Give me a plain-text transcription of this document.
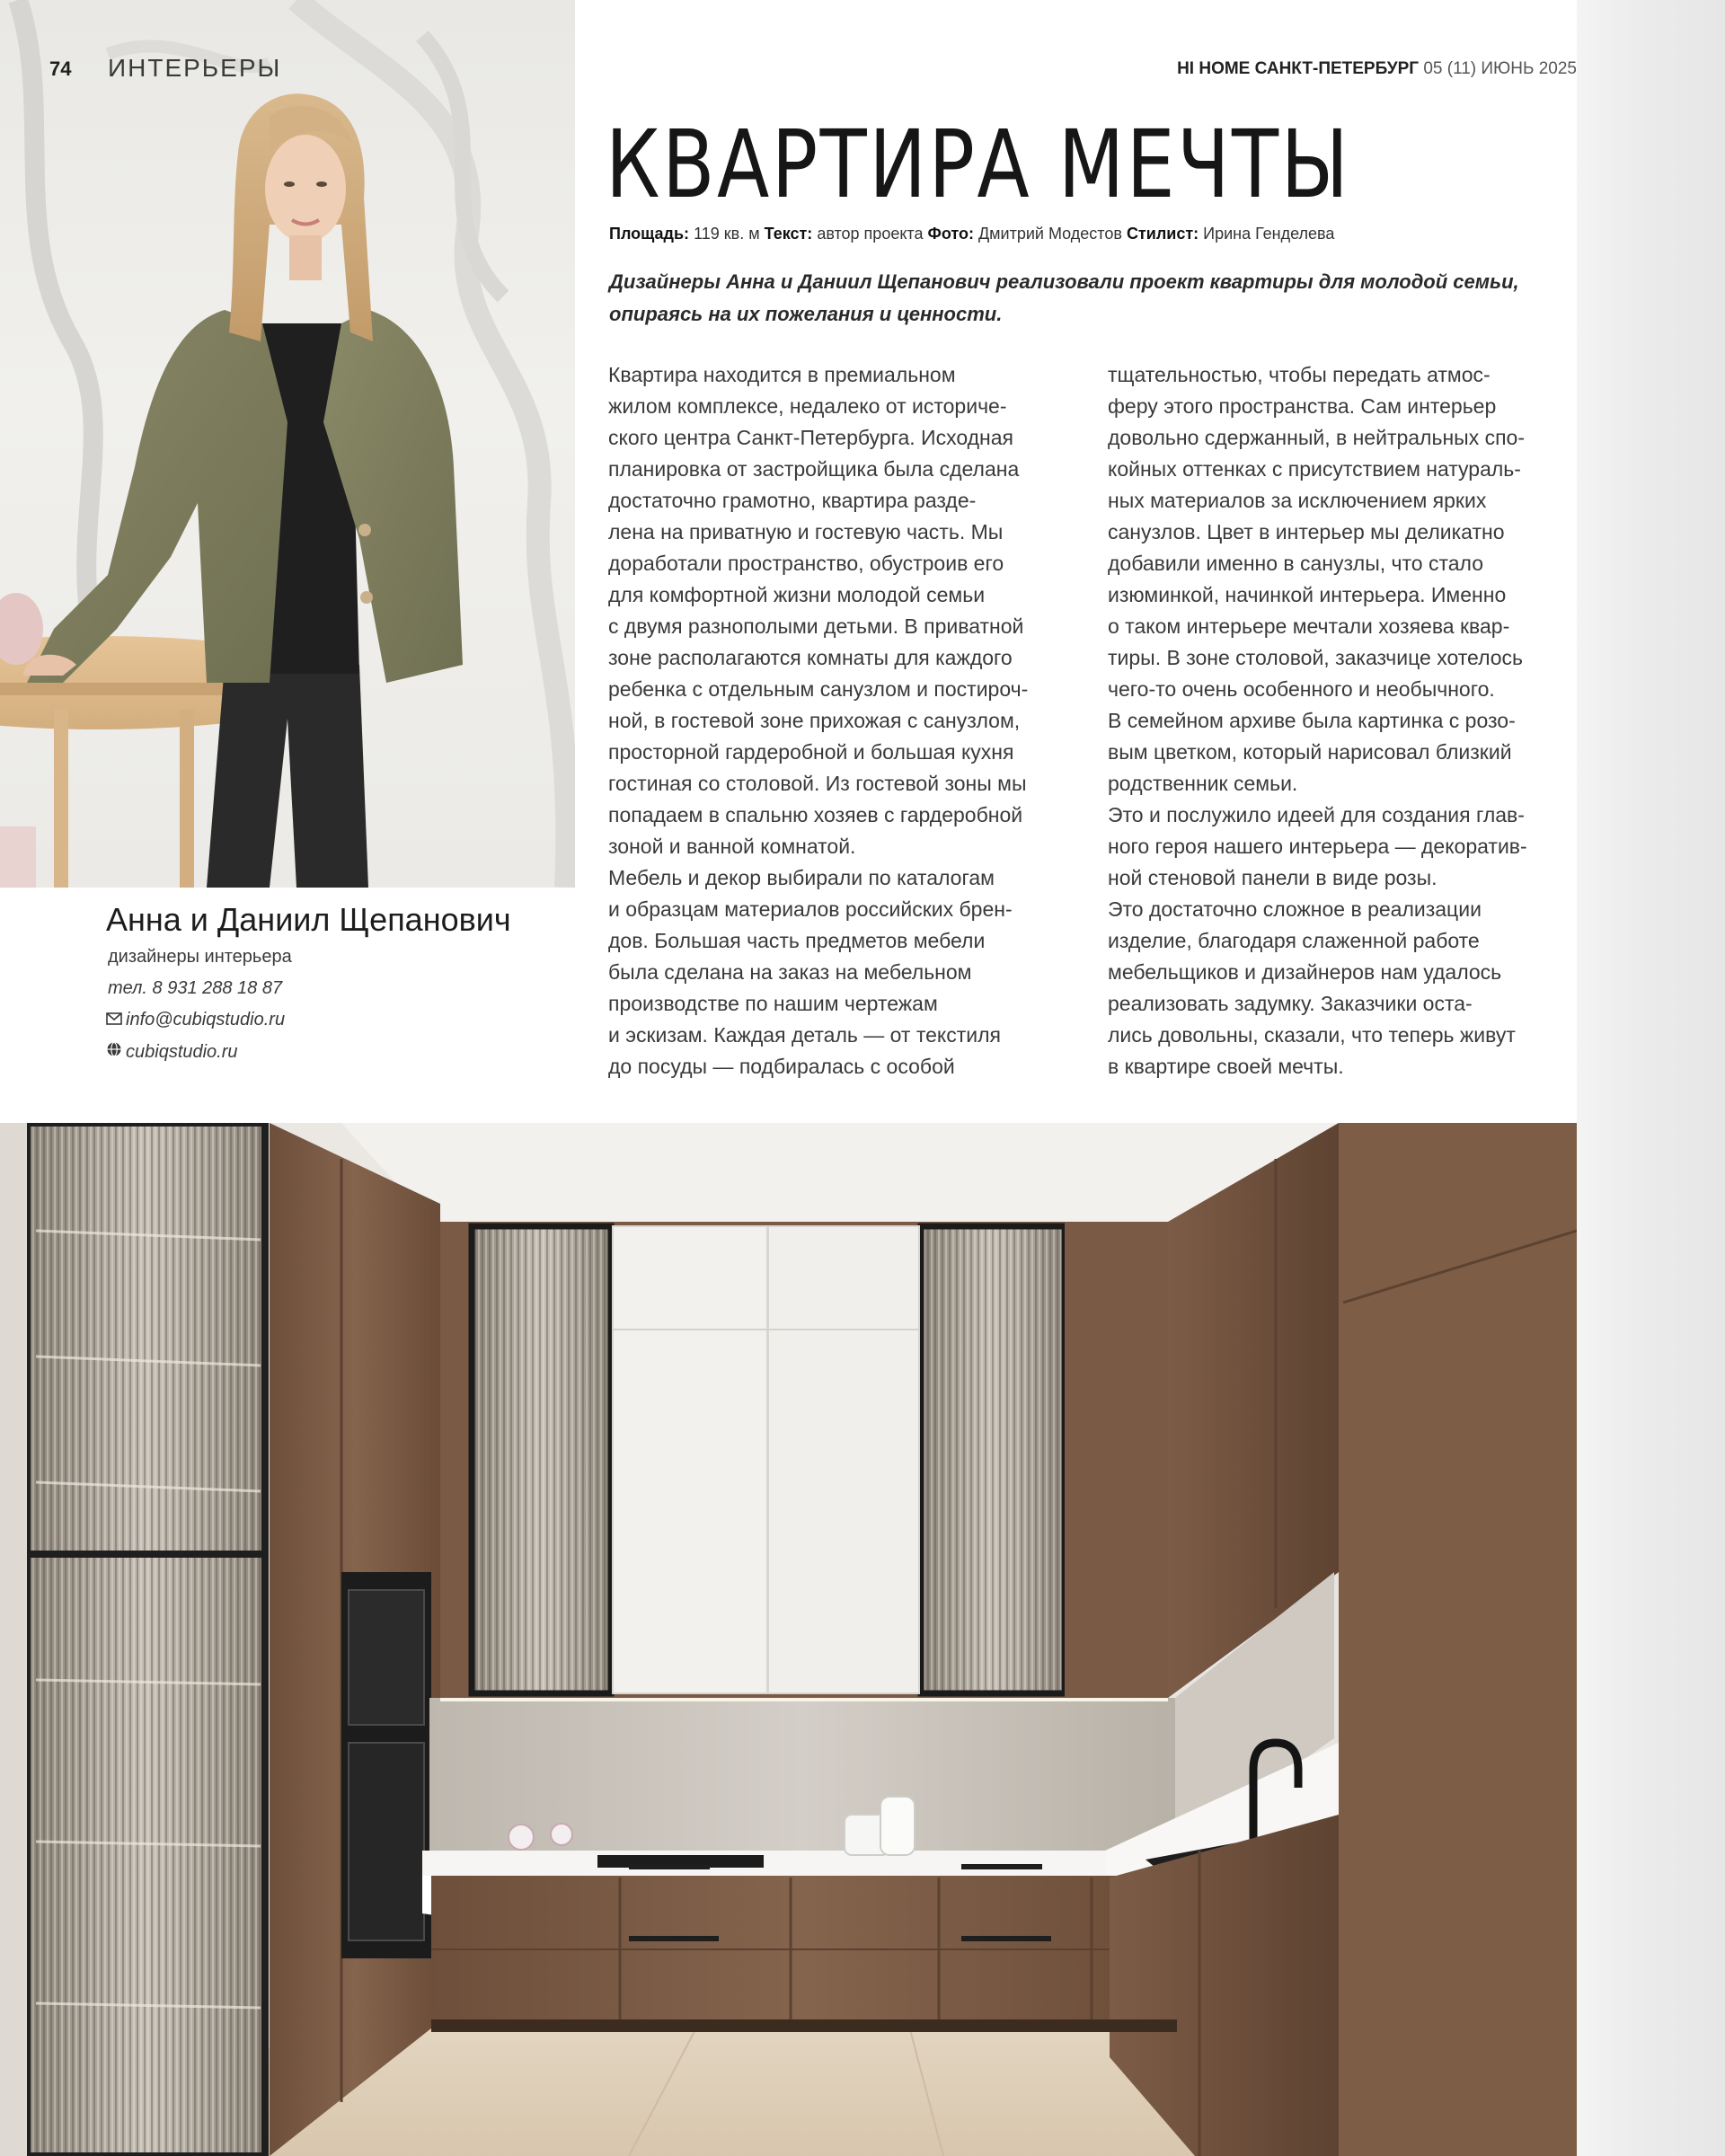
74 ИНТЕРЬЕРЫ
Анна и Даниил Щепанович
дизайнеры интерьера
тел. 8 931 288 18 87
info@cubiqstudio.ru
cubiqstudio.ru
HI HOME САНКТ-ПЕТЕРБУРГ 05 (11) ИЮНЬ 2025
КВАРТИРА МЕЧТЫ
Площадь: 119 кв. м Текст: автор проекта Фото: Дмитрий Модестов Стилист: Ирина Генделева
Дизайнеры Анна и Даниил Щепанович реализовали проект квартиры для молодой семьи, опираясь на их пожелания и ценности.

Квартира находится в премиальном
жилом комплексе, недалеко от историче-
ского центра Санкт-Петербурга. Исходная
планировка от застройщика была сделана
достаточно грамотно, квартира разде-
лена на приватную и гостевую часть. Мы
доработали пространство, обустроив его
для комфортной жизни молодой семьи
с двумя разнополыми детьми. В приватной
зоне располагаются комнаты для каждого
ребенка с отдельным санузлом и постироч-
ной, в гостевой зоне прихожая с санузлом,
просторной гардеробной и большая кухня
гостиная со столовой. Из гостевой зоны мы
попадаем в спальню хозяев с гардеробной
зоной и ванной комнатой.
Мебель и декор выбирали по каталогам
и образцам материалов российских брен-
дов. Большая часть предметов мебели
была сделана на заказ на мебельном
производстве по нашим чертежам
и эскизам. Каждая деталь — от текстиля
до посуды — подбиралась с особой

тщательностью, чтобы передать атмос-
феру этого пространства. Сам интерьер
довольно сдержанный, в нейтральных спо-
койных оттенках с присутствием натураль-
ных материалов за исключением ярких
санузлов. Цвет в интерьер мы деликатно
добавили именно в санузлы, что стало
изюминкой, начинкой интерьера. Именно
о таком интерьере мечтали хозяева квар-
тиры. В зоне столовой, заказчице хотелось
чего-то очень особенного и необычного.
В семейном архиве была картинка с розо-
вым цветком, который нарисовал близкий
родственник семьи.
Это и послужило идеей для создания глав-
ного героя нашего интерьера — декоратив-
ной стеновой панели в виде розы.
Это достаточно сложное в реализации
изделие, благодаря слаженной работе
мебельщиков и дизайнеров нам удалось
реализовать задумку. Заказчики оста-
лись довольны, сказали, что теперь живут
в квартире своей мечты.
